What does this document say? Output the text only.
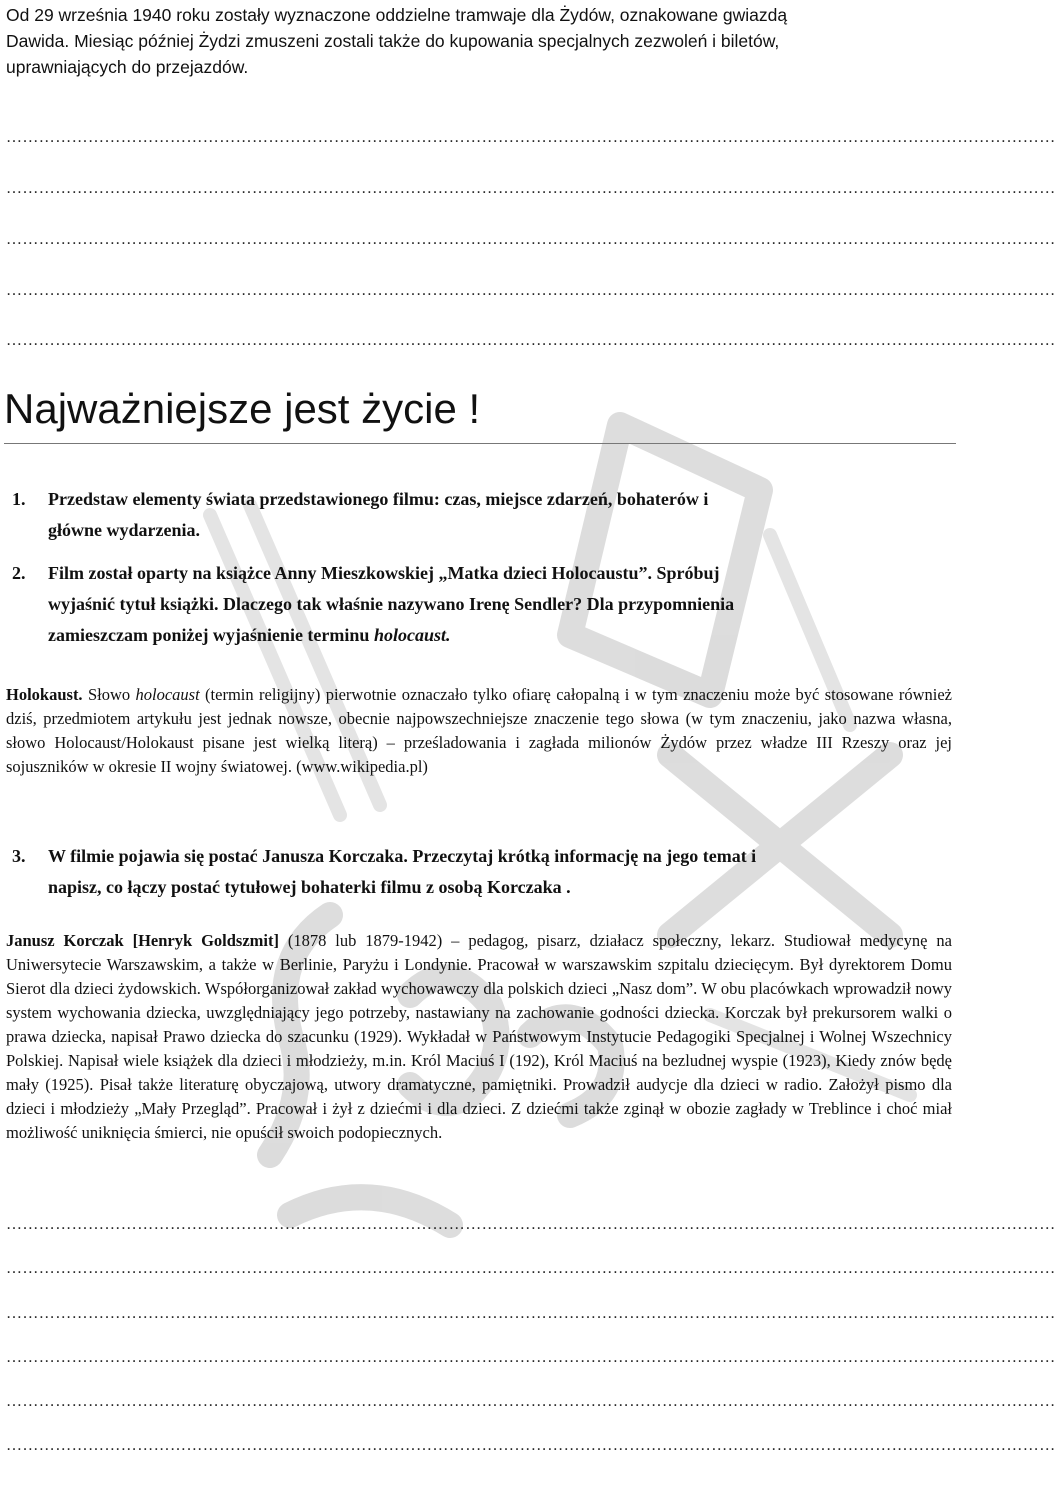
Od 29 września 1940 roku zostały wyznaczone oddzielne tramwaje dla Żydów, oznakowane gwiazdą
Dawida. Miesiąc później Żydzi zmuszeni zostali także do kupowania specjalnych zezwoleń i biletów,
uprawniających do przejazdów.
…………………………………………………………………………………………………………………………………………………………………………
…………………………………………………………………………………………………………………………………………………………………………
…………………………………………………………………………………………………………………………………………………………………………
…………………………………………………………………………………………………………………………………………………………………………
…………………………………………………………………………………………………………………………………………………………………………
Najważniejsze jest życie !
1.	Przedstaw elementy świata przedstawionego filmu: czas, miejsce zdarzeń, bohaterów i
główne wydarzenia.
2.	Film został oparty na książce Anny Mieszkowskiej „Matka dzieci Holocaustu”. Spróbuj
wyjaśnić tytuł książki. Dlaczego tak właśnie nazywano Irenę Sendler? Dla przypomnienia
zamieszczam poniżej wyjaśnienie terminu holocaust.

Holokaust. Słowo holocaust (termin religijny) pierwotnie oznaczało tylko ofiarę całopalną i w tym znaczeniu może być stosowane również dziś, przedmiotem artykułu jest jednak nowsze, obecnie najpowszechniejsze znaczenie tego słowa (w tym znaczeniu, jako nazwa własna, słowo Holocaust/Holokaust pisane jest wielką literą) – prześladowania i zagłada milionów Żydów przez władze III Rzeszy oraz jej sojuszników w okresie II wojny światowej. (www.wikipedia.pl)

3.	W filmie pojawia się postać Janusza Korczaka. Przeczytaj krótką informację na jego temat i
napisz, co łączy postać tytułowej bohaterki filmu z osobą Korczaka .

Janusz Korczak [Henryk Goldszmit] (1878 lub 1879-1942) – pedagog, pisarz, działacz społeczny, lekarz. Studiował medycynę na Uniwersytecie Warszawskim, a także w Berlinie, Paryżu i Londynie. Pracował w warszawskim szpitalu dziecięcym. Był dyrektorem Domu Sierot dla dzieci żydowskich. Współorganizował zakład wychowawczy dla polskich dzieci „Nasz dom”. W obu placówkach wprowadził nowy system wychowania dziecka, uwzględniający jego potrzeby, nastawiany na zachowanie godności dziecka. Korczak był prekursorem walki o prawa dziecka, napisał Prawo dziecka do szacunku (1929). Wykładał w Państwowym Instytucie Pedagogiki Specjalnej i Wolnej Wszechnicy Polskiej. Napisał wiele książek dla dzieci i młodzieży, m.in. Król Maciuś I (192), Król Maciuś na bezludnej wyspie (1923), Kiedy znów będę mały (1925). Pisał także literaturę obyczajową, utwory dramatyczne, pamiętniki. Prowadził audycje dla dzieci w radio. Założył pismo dla dzieci i młodzieży „Mały Przegląd”. Pracował i żył z dziećmi i dla dzieci. Z dziećmi także zginął w obozie zagłady w Treblince i choć miał możliwość uniknięcia śmierci, nie opuścił swoich podopiecznych.

…………………………………………………………………………………………………………………………………………………………………………
…………………………………………………………………………………………………………………………………………………………………………
…………………………………………………………………………………………………………………………………………………………………………
…………………………………………………………………………………………………………………………………………………………………………
…………………………………………………………………………………………………………………………………………………………………………
…………………………………………………………………………………………………………………………………………………………………………
